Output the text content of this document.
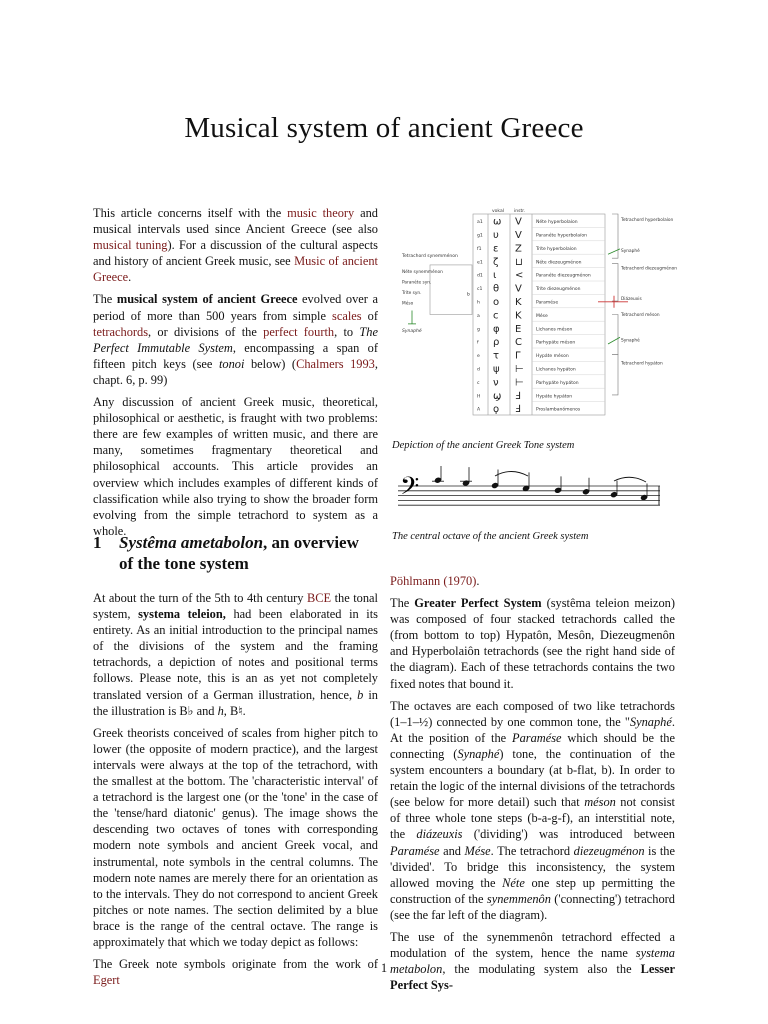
Musical system of ancient Greece

This article concerns itself with the music theory and musical intervals used since Ancient Greece (see also musical tuning). For a discussion of the cultural aspects and history of ancient Greek music, see Music of ancient Greece.

The musical system of ancient Greece evolved over a period of more than 500 years from simple scales of tetrachords, or divisions of the perfect fourth, to The Perfect Immutable System, encompassing a span of fifteen pitch keys (see tonoi below) (Chalmers 1993, chapt. 6, p. 99)

Any discussion of ancient Greek music, theoretical, philosophical or aesthetic, is fraught with two problems: there are few examples of written music, and there are many, sometimes fragmentary theoretical and philosophical accounts. This article provides an overview which includes examples of different kinds of classification while also trying to show the broader form evolving from the simple tetrachord to system as a whole.

1 Systêma ametabolon, an overview
of the tone system

At about the turn of the 5th to 4th century BCE the tonal system, systema teleion, had been elaborated in its entirety. As an initial introduction to the principal names of the divisions of the system and the framing tetrachords, a depiction of notes and positional terms follows. Please note, this is an as yet not completely translated version of a German illustration, hence, b in the illustration is B♭ and h, B♮.

Greek theorists conceived of scales from higher pitch to lower (the opposite of modern practice), and the largest intervals were always at the top of the tetrachord, with the smallest at the bottom. The 'characteristic interval' of a tetrachord is the largest one (or the 'tone' in the case of the 'tense/hard diatonic' genus). The image shows the descending two octaves of tones with corresponding modern note symbols and ancient Greek vocal, and instrumental, note symbols in the central columns. The modern note names are merely there for an orientation as to the intervals. They do not correspond to ancient Greek pitches or note names. The section delimited by a blue brace is the range of the central octave. The range is approximately that which we today depict as follows:

The Greek note symbols originate from the work of Egert

vokal instr.
a1 ω Ⅴ	Néte hyperbolaíon
g1 υ Ⅴ	Paranéte hyperbolaíon
f1 ε Ζ	Tríte hyperbolaíon
e1 ζ ⊔	Néte diezeugménon
d1 ι <	Paranéte diezeugménon
c1 θ Ⅴ	Tríte diezeugménon
h ο Κ	Paramése
a c Κ	Mése
g φ Ε	Lichanos méson
f ρ Ϲ	Parhypáte méson
e τ Γ	Hypáte méson
d ψ ⊢	Lichanos hypáton
c ν ⊢	Parhypáte hypáton
H ϣ Ⅎ	Hypáte hypáton
A ϙ Ⅎ	Proslambanómenos
Tetrachord synemménon
Néte synemménon
Paranéte syn.
Tríte syn.
Méso
b
Synaphé
Tetrachord hyperbolaíon
Synaphé
Tetrachord diezeugménon
Diázeuxis
Tetrachord méson
Synaphé
Tetrachord hypáton
Depiction of the ancient Greek Tone system
𝄢
The central octave of the ancient Greek system

Pöhlmann (1970).

The Greater Perfect System (systêma teleion meizon) was composed of four stacked tetrachords called the (from bottom to top) Hypatôn, Mesôn, Diezeugmenôn and Hyperbolaiôn tetrachords (see the right hand side of the diagram). Each of these tetrachords contains the two fixed notes that bound it.

The octaves are each composed of two like tetrachords (1–1–½) connected by one common tone, the "Synaphé. At the position of the Paramése which should be the connecting (Synaphé) tone, the continuation of the system encounters a boundary (at b-flat, b). In order to retain the logic of the internal divisions of the tetrachords (see below for more detail) such that méson not consist of three whole tone steps (b-a-g-f), an interstitial note, the diázeuxis ('dividing') was introduced between Paramése and Mése. The tetrachord diezeugménon is the 'divided'. To bridge this inconsistency, the system allowed moving the Néte one step up permitting the construction of the synemmenôn ('connecting') tetrachord (see the far left of the diagram).

The use of the synemmenôn tetrachord effected a modulation of the system, hence the name systema metabolon, the modulating system also the Lesser Perfect Sys-

1
